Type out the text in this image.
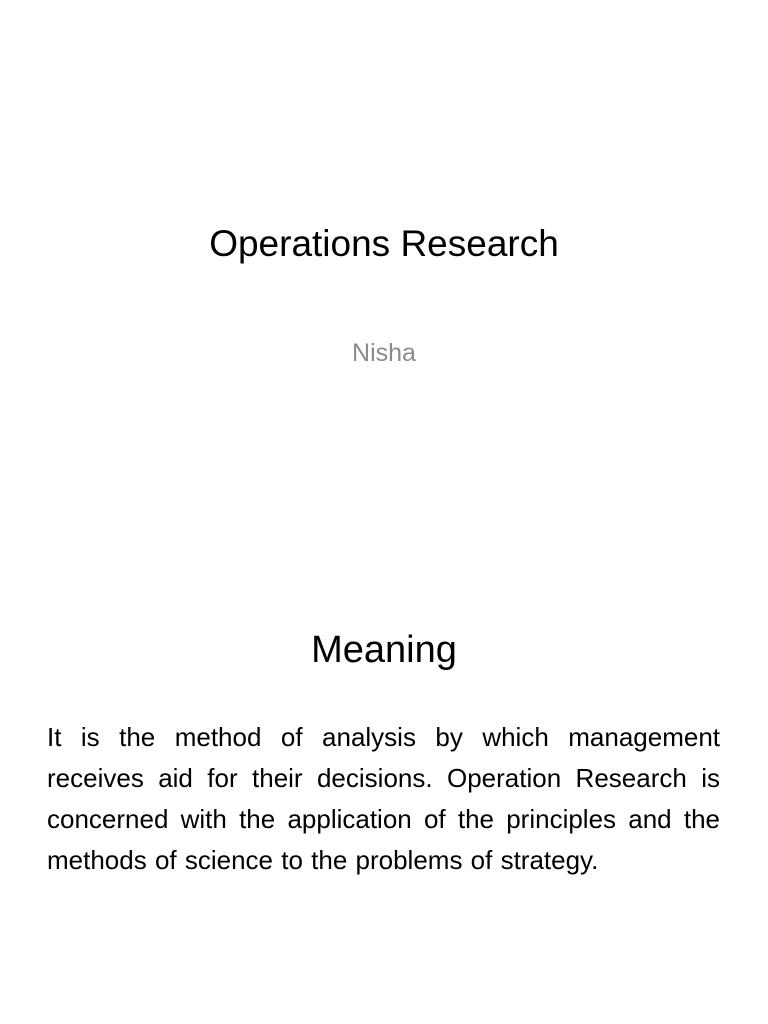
Operations Research
Nisha
Meaning

It is the method of analysis by which management receives aid for their decisions. Operation Research is concerned with the application of the principles and the methods of science to the problems of strategy.
